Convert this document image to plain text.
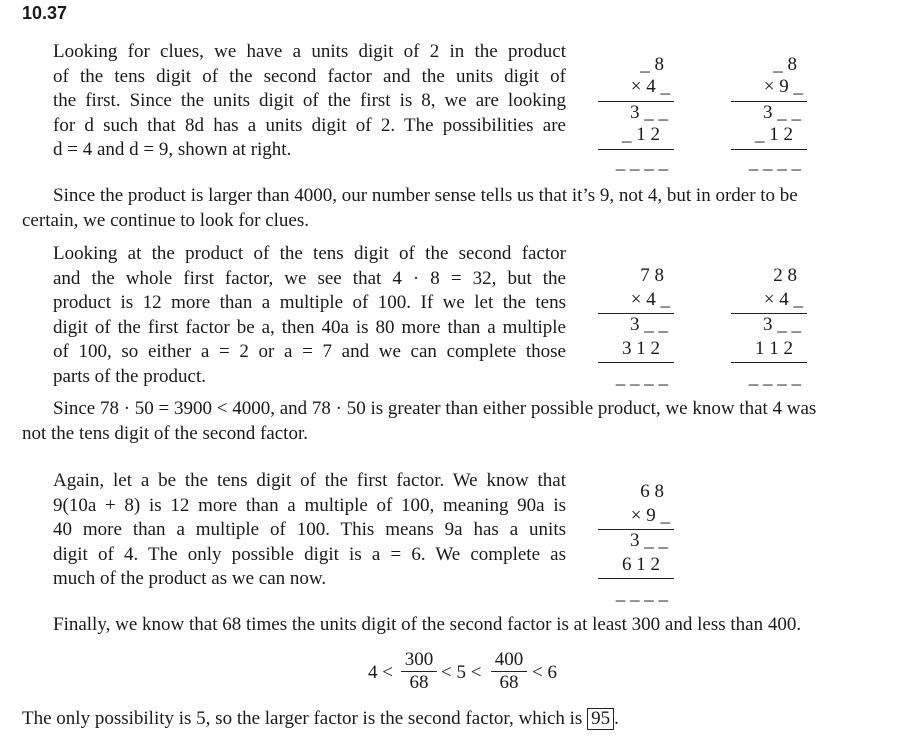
10.37
Looking for clues, we have a units digit of 2 in the product
of the tens digit of the second factor and the units digit of
the first. Since the units digit of the first is 8, we are looking
for d such that 8d has a units digit of 2. The possibilities are
d = 4 and d = 9, shown at right.
_ 8
× 4 _
3 _ _
_ 1 2
_ _ _ _
_ 8
× 9 _
3 _ _
_ 1 2
_ _ _ _
Since the product is larger than 4000, our number sense tells us that it’s 9, not 4, but in order to be
certain, we continue to look for clues.
Looking at the product of the tens digit of the second factor
and the whole first factor, we see that 4 · 8 = 32, but the
product is 12 more than a multiple of 100. If we let the tens
digit of the first factor be a, then 40a is 80 more than a multiple
of 100, so either a = 2 or a = 7 and we can complete those
parts of the product.
7 8
× 4 _
3 _ _
3 1 2
_ _ _ _
2 8
× 4 _
3 _ _
1 1 2
_ _ _ _
Since 78 · 50 = 3900 < 4000, and 78 · 50 is greater than either possible product, we know that 4 was
not the tens digit of the second factor.
Again, let a be the tens digit of the first factor. We know that
9(10a + 8) is 12 more than a multiple of 100, meaning 90a is
40 more than a multiple of 100. This means 9a has a units
digit of 4. The only possible digit is a = 6. We complete as
much of the product as we can now.
6 8
× 9 _
3 _ _
6 1 2
_ _ _ _
Finally, we know that 68 times the units digit of the second factor is at least 300 and less than 400.
4 <
300
68 < 5 <
400
68 < 6
The only possibility is 5, so the larger factor is the second factor, which is 95 .
